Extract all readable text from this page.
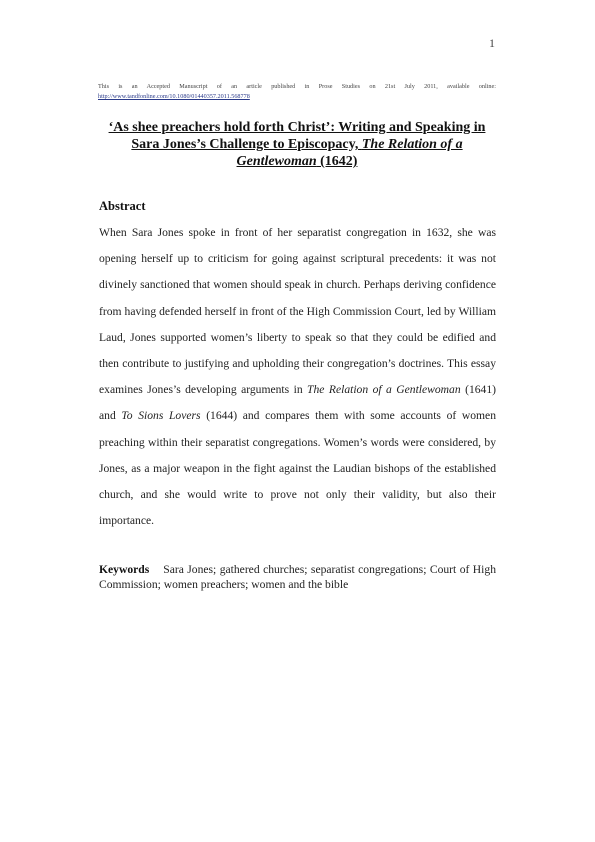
1
This is an Accepted Manuscript of an article published in Prose Studies on 21st July 2011, available online:
http://www.tandfonline.com/10.1080/01440357.2011.568778
‘As shee preachers hold forth Christ’: Writing and Speaking in Sara Jones’s Challenge to Episcopacy, The Relation of a Gentlewoman (1642)
Abstract
When Sara Jones spoke in front of her separatist congregation in 1632, she was opening herself up to criticism for going against scriptural precedents: it was not divinely sanctioned that women should speak in church. Perhaps deriving confidence from having defended herself in front of the High Commission Court, led by William Laud, Jones supported women’s liberty to speak so that they could be edified and then contribute to justifying and upholding their congregation’s doctrines. This essay examines Jones’s developing arguments in The Relation of a Gentlewoman (1641) and To Sions Lovers (1644) and compares them with some accounts of women preaching within their separatist congregations. Women’s words were considered, by Jones, as a major weapon in the fight against the Laudian bishops of the established church, and she would write to prove not only their validity, but also their importance.
Keywords Sara Jones; gathered churches; separatist congregations; Court of High Commission; women preachers; women and the bible
